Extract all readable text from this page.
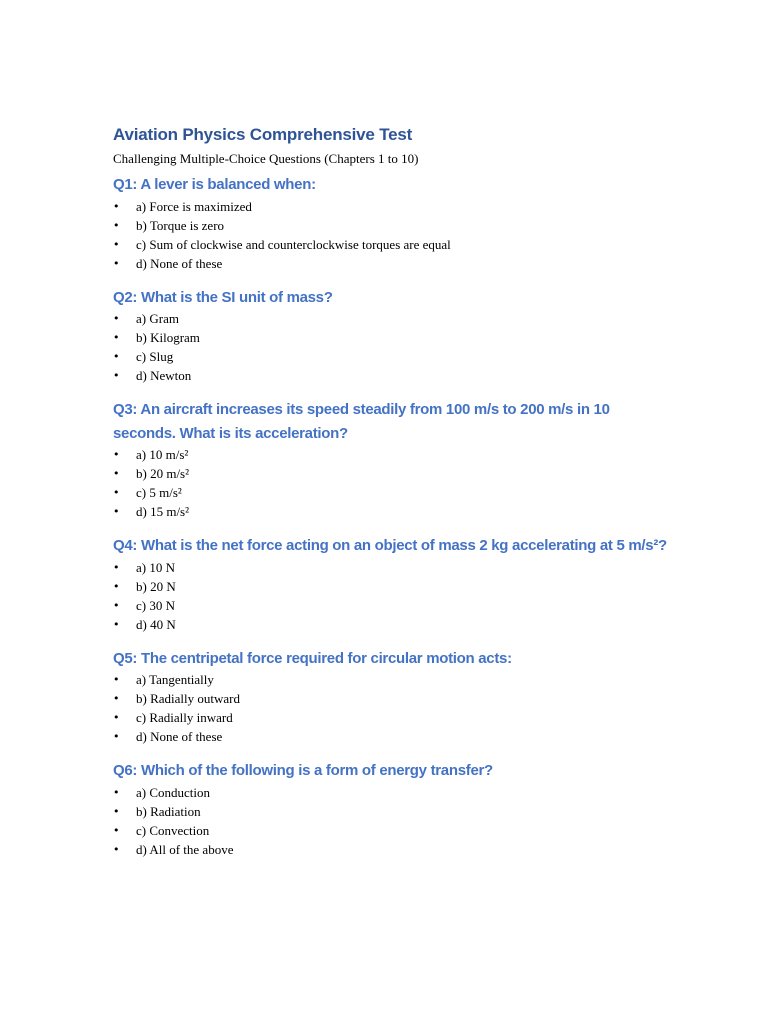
Aviation Physics Comprehensive Test

Challenging Multiple-Choice Questions (Chapters 1 to 10)

Q1: A lever is balanced when:
• a) Force is maximized
• b) Torque is zero
• c) Sum of clockwise and counterclockwise torques are equal
• d) None of these
Q2: What is the SI unit of mass?
• a) Gram
• b) Kilogram
• c) Slug
• d) Newton
Q3: An aircraft increases its speed steadily from 100 m/s to 200 m/s in 10 seconds. What is its acceleration?
• a) 10 m/s²
• b) 20 m/s²
• c) 5 m/s²
• d) 15 m/s²
Q4: What is the net force acting on an object of mass 2 kg accelerating at 5 m/s²?
• a) 10 N
• b) 20 N
• c) 30 N
• d) 40 N
Q5: The centripetal force required for circular motion acts:
• a) Tangentially
• b) Radially outward
• c) Radially inward
• d) None of these
Q6: Which of the following is a form of energy transfer?
• a) Conduction
• b) Radiation
• c) Convection
• d) All of the above
